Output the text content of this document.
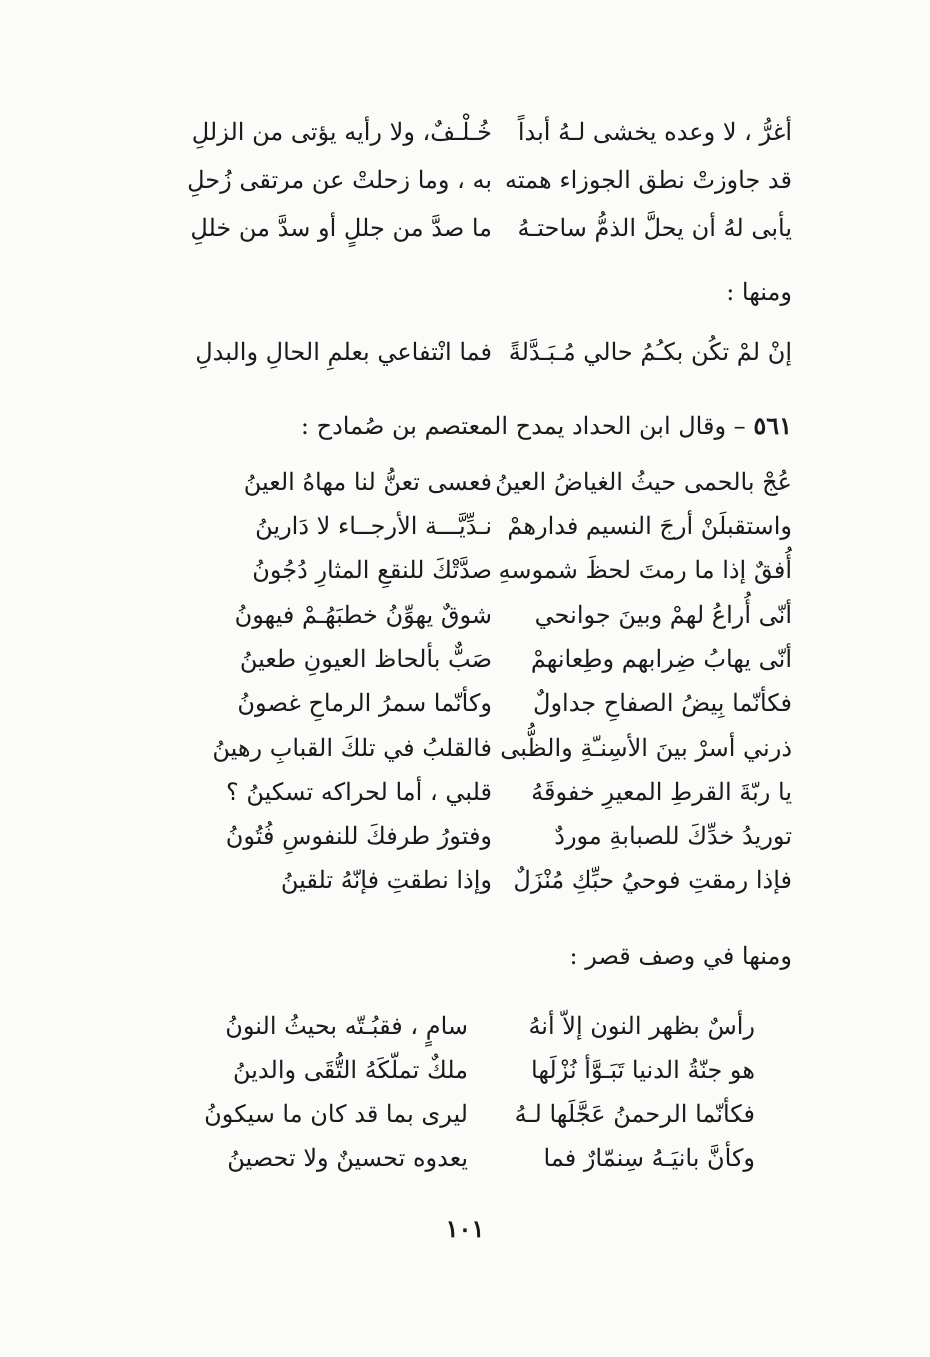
أغرُّ ، لا وعده يخشى لـهُ أبداً
خُـلْـفٌ، ولا رأيه يؤتى من الزللِ
قد جاوزتْ نطق الجوزاء همته
به ، وما زحلتْ عن مرتقى زُحلِ
يأبى لهُ أن يحلَّ الذمُّ ساحتـهُ
ما صدَّ من جللٍ أو سدَّ من خللِ
ومنها :
إنْ لمْ تكُن بكـُمُ حالي مُـبَـدَّلةً
فما انْتفاعي بعلمِ الحالِ والبدلِ
٥٦١ – وقال ابن الحداد يمدح المعتصم بن صُمادح :
عُجْ بالحمى حيثُ الغياضُ العينُ
فعسى تعنُّ لنا مهاهُ العينُ
واستقبلَنْ أرجَ النسيم فدارهمْ
نـدِّيَّـــة الأرجــاء لا دَارينُ
أُفقٌ إذا ما رمتَ لحظَ شموسهِ
صدَّتْكَ للنقعِ المثارِ دُجُونُ
أنّى أُراعُ لهمْ وبينَ جوانحي
شوقٌ يهوِّنُ خطبَهُـمْ فيهونُ
أنّى يهابُ ضِرابهم وطِعانهمْ
صَبٌّ بألحاظ العيونِ طعينُ
فكأنّما بِيضُ الصفاحِ جداولٌ
وكأنّما سمرُ الرماحِ غصونُ
ذرني أسرْ بينَ الأسِنـّةِ والظُّبى
فالقلبُ في تلكَ القبابِ رهينُ
يا ربّةَ القرطِ المعيرِ خفوقَهُ
قلبي ، أما لحراكه تسكينُ ؟
توريدُ خدِّكَ للصبابةِ موردٌ
وفتورُ طرفكَ للنفوسِ فُتُونُ
فإذا رمقتِ فوحيُ حبِّكِ مُنْزَلٌ
وإذا نطقتِ فإنّهُ تلقينُ
ومنها في وصف قصر :
رأسٌ بظهر النون إلاّ أنهُ
سامٍ ، فقبُـتّه بحيثُ النونُ
هو جنّةُ الدنيا تَبَـوَّأ نُزْلَها
ملكٌ تملّكَهُ التُّقَى والدينُ
فكأنّما الرحمنُ عَجَّلَها لـهُ
ليرى بما قد كان ما سيكونُ
وكأنَّ بانيَـهُ سِنمّارٌ فما
يعدوه تحسينٌ ولا تحصينُ
١٠١
